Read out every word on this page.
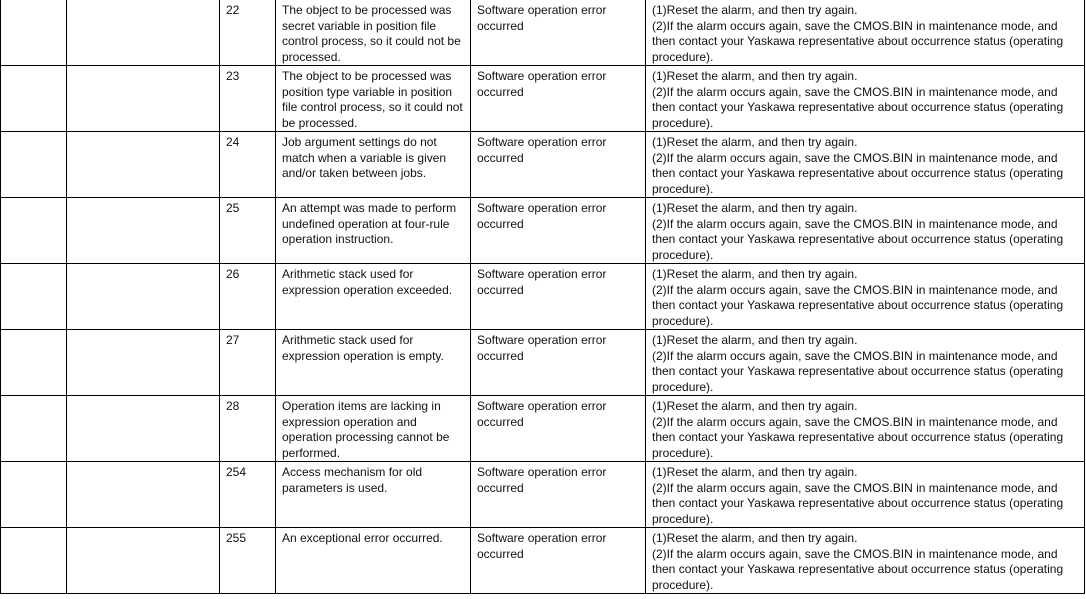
		22	The object to be processed was secret variable in position file control process, so it could not be processed.	Software operation error occurred	(1)Reset the alarm, and then try again.
(2)If the alarm occurs again, save the CMOS.BIN in maintenance mode, and then contact your Yaskawa representative about occurrence status (operating procedure).

		23	The object to be processed was position type variable in position file control process, so it could not be processed.	Software operation error occurred	(1)Reset the alarm, and then try again.
(2)If the alarm occurs again, save the CMOS.BIN in maintenance mode, and then contact your Yaskawa representative about occurrence status (operating procedure).

		24	Job argument settings do not match when a variable is given and/or taken between jobs.	Software operation error occurred	(1)Reset the alarm, and then try again.
(2)If the alarm occurs again, save the CMOS.BIN in maintenance mode, and then contact your Yaskawa representative about occurrence status (operating procedure).

		25	An attempt was made to perform undefined operation at four-rule operation instruction.	Software operation error occurred	(1)Reset the alarm, and then try again.
(2)If the alarm occurs again, save the CMOS.BIN in maintenance mode, and then contact your Yaskawa representative about occurrence status (operating procedure).

		26	Arithmetic stack used for expression operation exceeded.	Software operation error occurred	(1)Reset the alarm, and then try again.
(2)If the alarm occurs again, save the CMOS.BIN in maintenance mode, and then contact your Yaskawa representative about occurrence status (operating procedure).

		27	Arithmetic stack used for expression operation is empty.	Software operation error occurred	(1)Reset the alarm, and then try again.
(2)If the alarm occurs again, save the CMOS.BIN in maintenance mode, and then contact your Yaskawa representative about occurrence status (operating procedure).

		28	Operation items are lacking in expression operation and operation processing cannot be performed.	Software operation error occurred	(1)Reset the alarm, and then try again.
(2)If the alarm occurs again, save the CMOS.BIN in maintenance mode, and then contact your Yaskawa representative about occurrence status (operating procedure).

		254	Access mechanism for old parameters is used.	Software operation error occurred	(1)Reset the alarm, and then try again.
(2)If the alarm occurs again, save the CMOS.BIN in maintenance mode, and then contact your Yaskawa representative about occurrence status (operating procedure).

		255	An exceptional error occurred.	Software operation error occurred	(1)Reset the alarm, and then try again.
(2)If the alarm occurs again, save the CMOS.BIN in maintenance mode, and then contact your Yaskawa representative about occurrence status (operating procedure).
